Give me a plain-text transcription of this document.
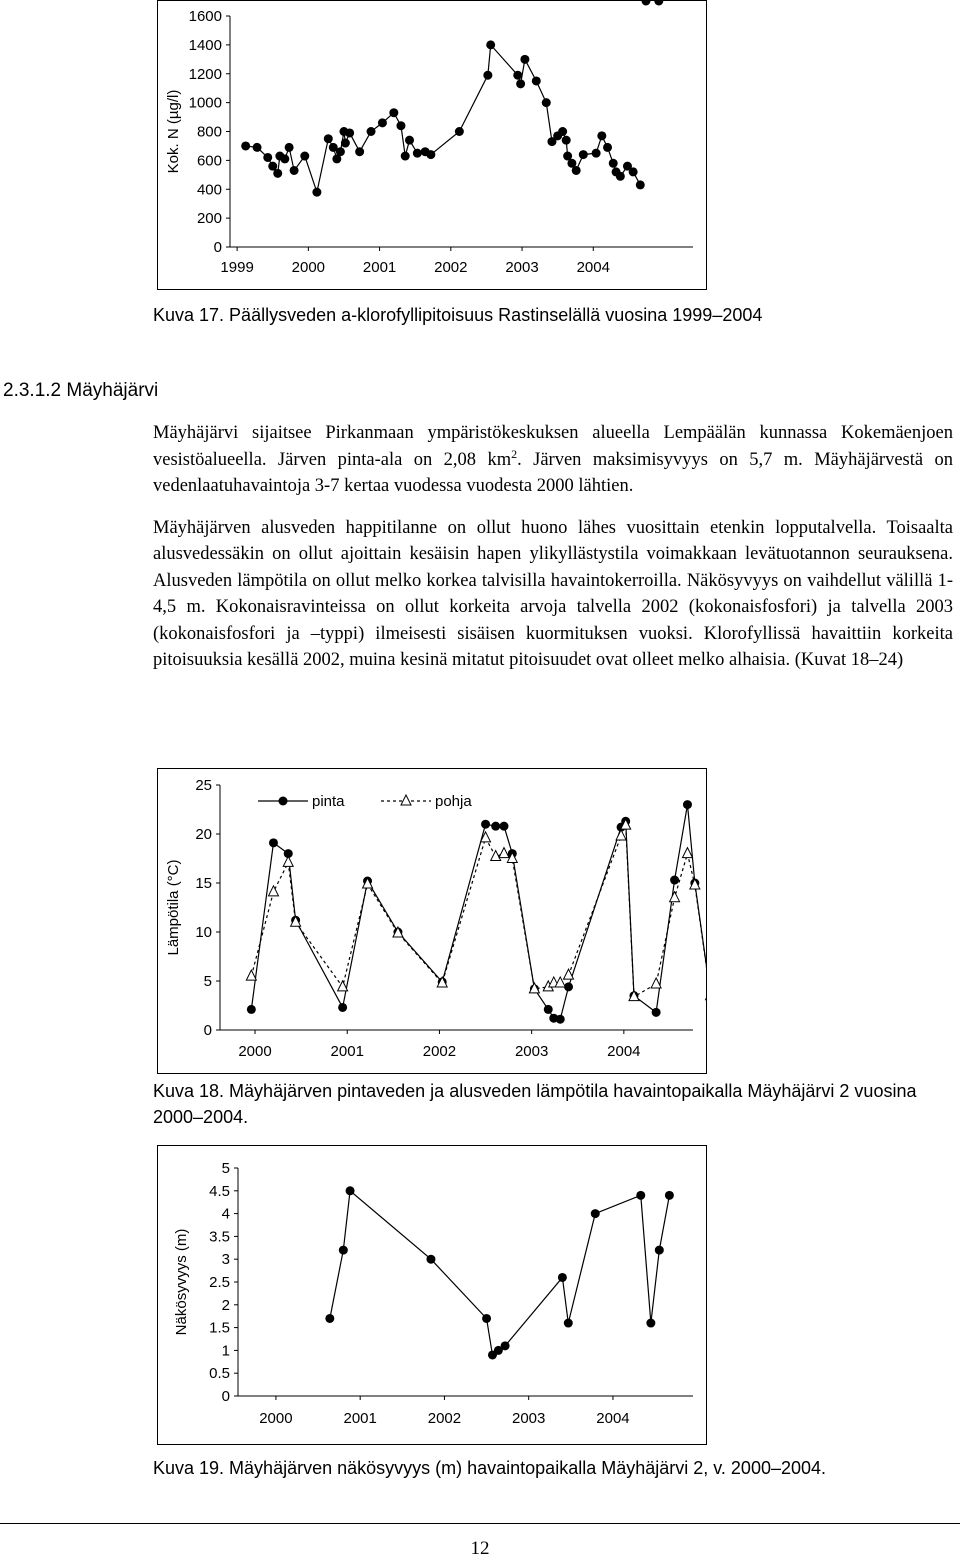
0
200
400
600
800
1000
1200
1400
1600
1999	2000	2001	2002	2003	2004
Kok. N (µg/l)
Kuva 17. Päällysveden a-klorofyllipitoisuus Rastinselällä vuosina 1999–2004
2.3.1.2 Mäyhäjärvi

Mäyhäjärvi sijaitsee Pirkanmaan ympäristökeskuksen alueella Lempäälän kunnassa Kokemäenjoen vesistöalueella. Järven pinta-ala on 2,08 $km^2$. Järven maksimisyvyys on 5,7 m. Mäyhäjärvestä on vedenlaatuhavaintoja 3-7 kertaa vuodessa vuodesta 2000 lähtien.

Mäyhäjärven alusveden happitilanne on ollut huono lähes vuosittain etenkin lopputalvella. Toisaalta alusvedessäkin on ollut ajoittain kesäisin hapen ylikyllästystila voimakkaan levätuotannon seurauksena. Alusveden lämpötila on ollut melko korkea talvisilla havaintokerroilla. Näkösyvyys on vaihdellut välillä 1-4,5 m. Kokonaisravinteissa on ollut korkeita arvoja talvella 2002 (kokonaisfosfori) ja talvella 2003 (kokonaisfosfori ja –typpi) ilmeisesti sisäisen kuormituksen vuoksi. Klorofyllissä havaittiin korkeita pitoisuuksia kesällä 2002, muina kesinä mitatut pitoisuudet ovat olleet melko alhaisia. (Kuvat 18–24)

0
5
10
15
20
25
2000	2001	2002	2003	2004
Lämpötila (°C)
pinta	pohja
Kuva 18. Mäyhäjärven pintaveden ja alusveden lämpötila havaintopaikalla Mäyhäjärvi 2 vuosina 2000–2004.
0
0.5
1
1.5
2
2.5
3
3.5
4
4.5
5
2000	2001	2002	2003	2004
Näkösyvyys (m)
Kuva 19. Mäyhäjärven näkösyvyys (m) havaintopaikalla Mäyhäjärvi 2, v. 2000–2004.
12
